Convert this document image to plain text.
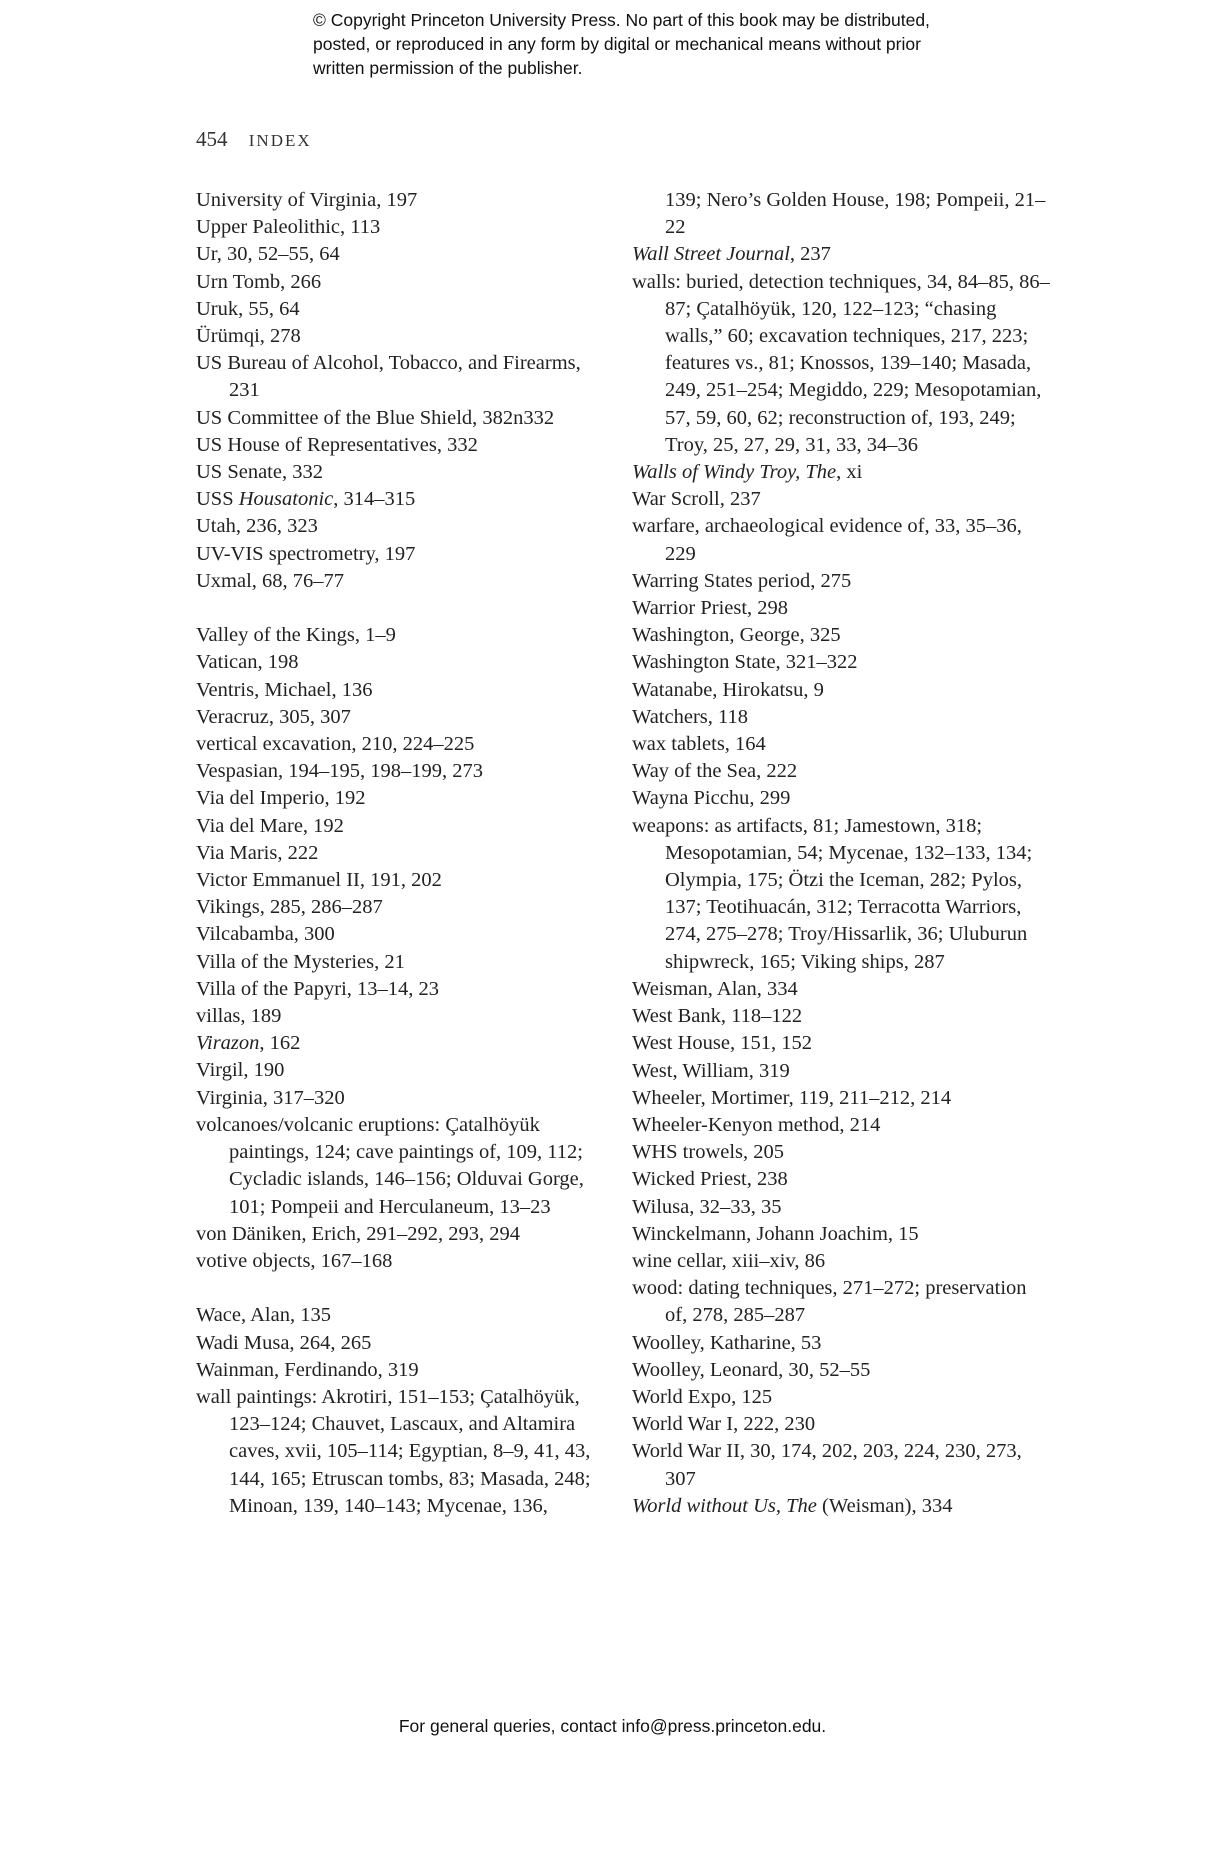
© Copyright Princeton University Press. No part of this book may be distributed, posted, or reproduced in any form by digital or mechanical means without prior written permission of the publisher.
454 INDEX
University of Virginia, 197
Upper Paleolithic, 113
Ur, 30, 52–55, 64
Urn Tomb, 266
Uruk, 55, 64
Ürümqi, 278
US Bureau of Alcohol, Tobacco, and Firearms, 231
US Committee of the Blue Shield, 382n332
US House of Representatives, 332
US Senate, 332
USS Housatonic, 314–315
Utah, 236, 323
UV-VIS spectrometry, 197
Uxmal, 68, 76–77
Valley of the Kings, 1–9
Vatican, 198
Ventris, Michael, 136
Veracruz, 305, 307
vertical excavation, 210, 224–225
Vespasian, 194–195, 198–199, 273
Via del Imperio, 192
Via del Mare, 192
Via Maris, 222
Victor Emmanuel II, 191, 202
Vikings, 285, 286–287
Vilcabamba, 300
Villa of the Mysteries, 21
Villa of the Papyri, 13–14, 23
villas, 189
Virazon, 162
Virgil, 190
Virginia, 317–320
volcanoes/volcanic eruptions: Çatalhöyük paintings, 124; cave paintings of, 109, 112; Cycladic islands, 146–156; Olduvai Gorge, 101; Pompeii and Herculaneum, 13–23
von Däniken, Erich, 291–292, 293, 294
votive objects, 167–168
Wace, Alan, 135
Wadi Musa, 264, 265
Wainman, Ferdinando, 319
wall paintings: Akrotiri, 151–153; Çatalhöyük, 123–124; Chauvet, Lascaux, and Altamira caves, xvii, 105–114; Egyptian, 8–9, 41, 43, 144, 165; Etruscan tombs, 83; Masada, 248; Minoan, 139, 140–143; Mycenae, 136,
139; Nero’s Golden House, 198; Pompeii, 21–22
Wall Street Journal, 237
walls: buried, detection techniques, 34, 84–85, 86–87; Çatalhöyük, 120, 122–123; “chasing walls,” 60; excavation techniques, 217, 223; features vs., 81; Knossos, 139–140; Masada, 249, 251–254; Megiddo, 229; Mesopotamian, 57, 59, 60, 62; reconstruction of, 193, 249; Troy, 25, 27, 29, 31, 33, 34–36
Walls of Windy Troy, The, xi
War Scroll, 237
warfare, archaeological evidence of, 33, 35–36, 229
Warring States period, 275
Warrior Priest, 298
Washington, George, 325
Washington State, 321–322
Watanabe, Hirokatsu, 9
Watchers, 118
wax tablets, 164
Way of the Sea, 222
Wayna Picchu, 299
weapons: as artifacts, 81; Jamestown, 318; Mesopotamian, 54; Mycenae, 132–133, 134; Olympia, 175; Ötzi the Iceman, 282; Pylos, 137; Teotihuacán, 312; Terracotta Warriors, 274, 275–278; Troy/Hissarlik, 36; Uluburun shipwreck, 165; Viking ships, 287
Weisman, Alan, 334
West Bank, 118–122
West House, 151, 152
West, William, 319
Wheeler, Mortimer, 119, 211–212, 214
Wheeler-Kenyon method, 214
WHS trowels, 205
Wicked Priest, 238
Wilusa, 32–33, 35
Winckelmann, Johann Joachim, 15
wine cellar, xiii–xiv, 86
wood: dating techniques, 271–272; preservation of, 278, 285–287
Woolley, Katharine, 53
Woolley, Leonard, 30, 52–55
World Expo, 125
World War I, 222, 230
World War II, 30, 174, 202, 203, 224, 230, 273, 307
World without Us, The (Weisman), 334
For general queries, contact info@press.princeton.edu.
